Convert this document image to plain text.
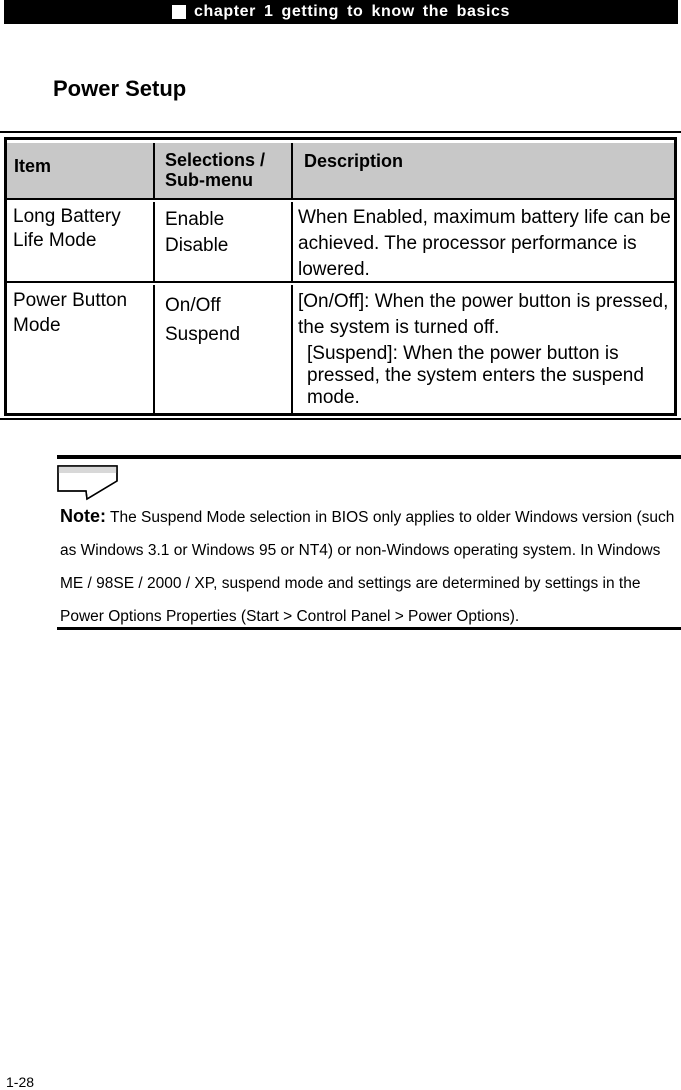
chapter 1 getting to know the basics
Power Setup
Item	Selections / Sub-menu
Description
Long Battery Life Mode
Enable
Disable
When Enabled, maximum battery life can be achieved. The processor performance is lowered.
Power Button Mode
On/Off
Suspend
[On/Off]: When the power button is pressed, the system is turned off.
[Suspend]: When the power button is pressed, the system enters the suspend mode.
Note: The Suspend Mode selection in BIOS only applies to older Windows version (such as Windows 3.1 or Windows 95 or NT4) or non-Windows operating system. In Windows ME / 98SE / 2000 / XP, suspend mode and settings are determined by settings in the Power Options Properties (Start > Control Panel > Power Options).
1-28
